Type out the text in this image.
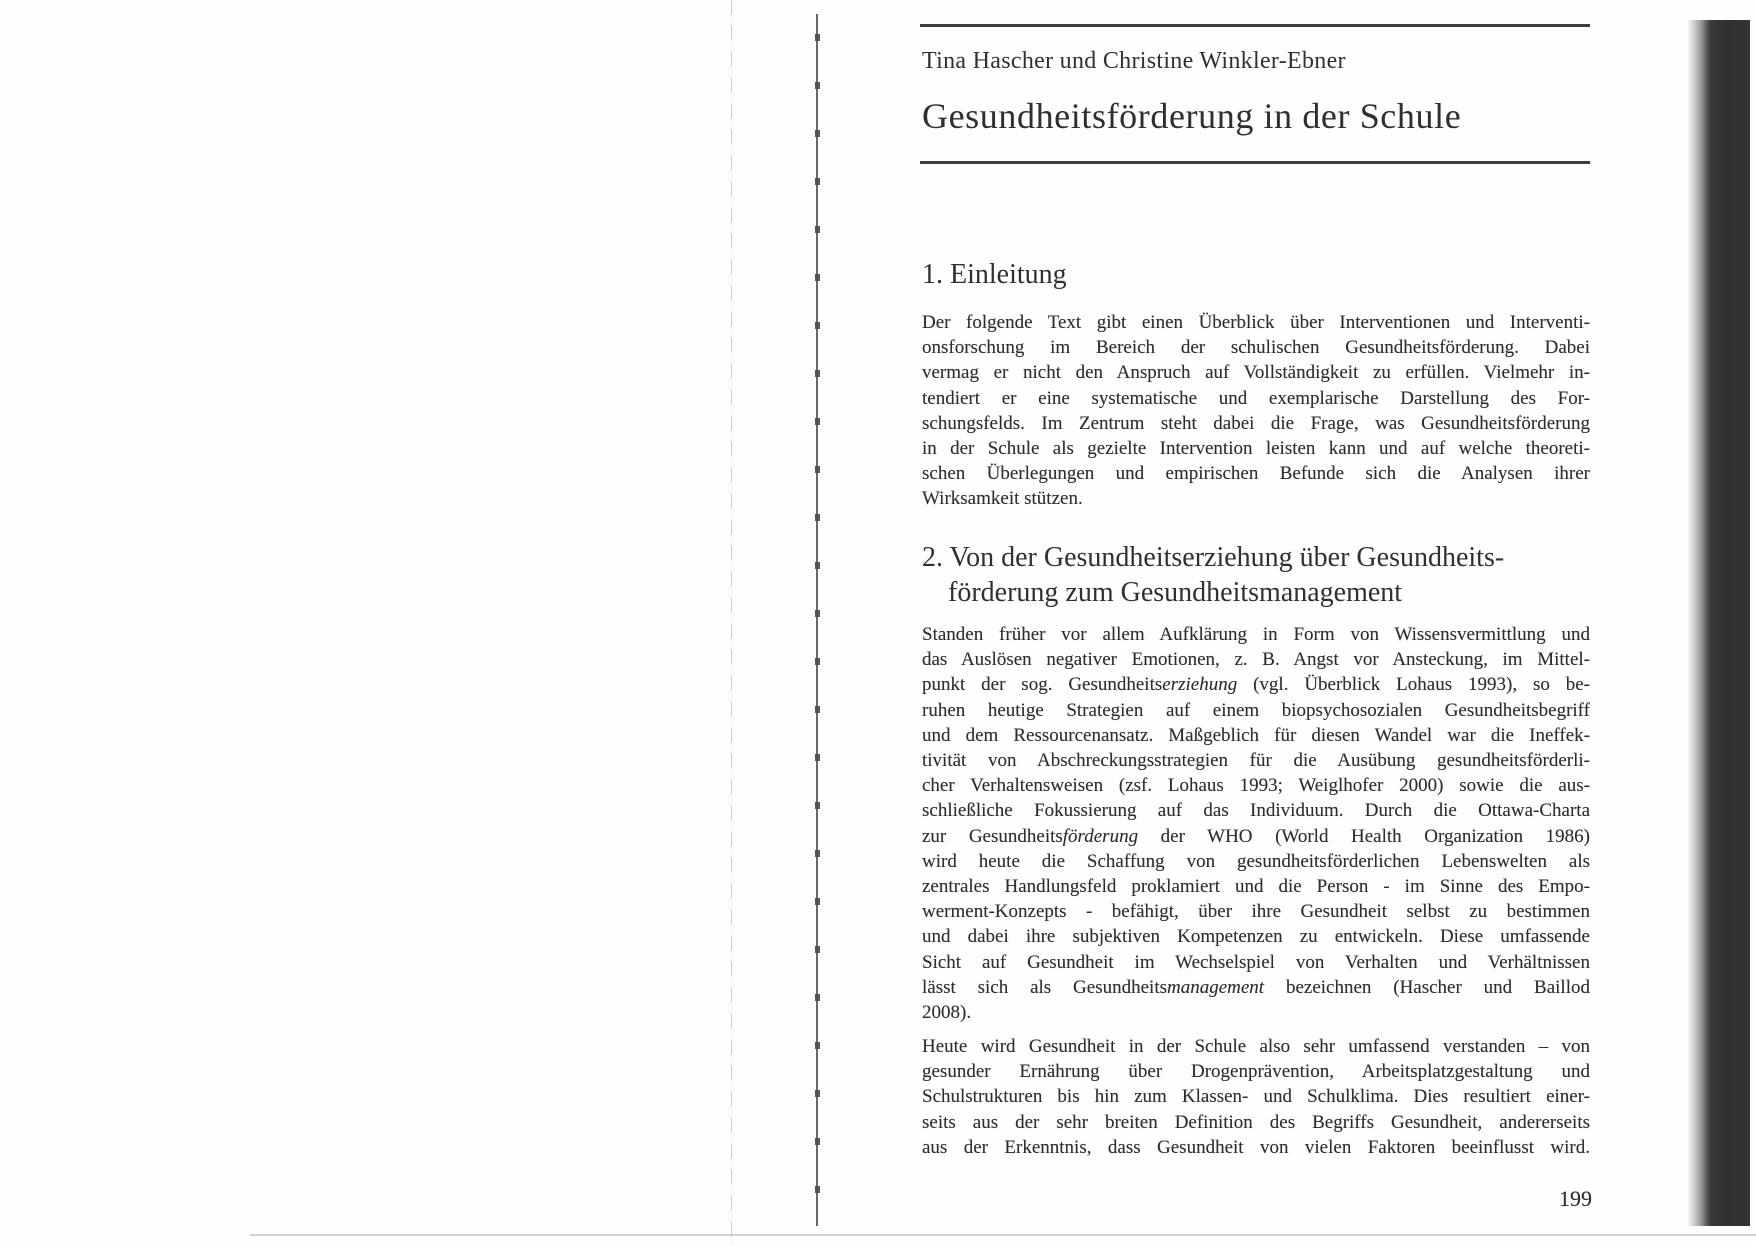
Tina Hascher und Christine Winkler-Ebner
Gesundheitsförderung in der Schule
1. Einleitung
Der folgende Text gibt einen Überblick über Interventionen und Interventi-
onsforschung im Bereich der schulischen Gesundheitsförderung. Dabei
vermag er nicht den Anspruch auf Vollständigkeit zu erfüllen. Vielmehr in-
tendiert er eine systematische und exemplarische Darstellung des For-
schungsfelds. Im Zentrum steht dabei die Frage, was Gesundheitsförderung
in der Schule als gezielte Intervention leisten kann und auf welche theoreti-
schen Überlegungen und empirischen Befunde sich die Analysen ihrer
Wirksamkeit stützen.
2. Von der Gesundheitserziehung über Gesundheits-
förderung zum Gesundheitsmanagement
Standen früher vor allem Aufklärung in Form von Wissensvermittlung und
das Auslösen negativer Emotionen, z. B. Angst vor Ansteckung, im Mittel-
punkt der sog. Gesundheitserziehung (vgl. Überblick Lohaus 1993), so be-
ruhen heutige Strategien auf einem biopsychosozialen Gesundheitsbegriff
und dem Ressourcenansatz. Maßgeblich für diesen Wandel war die Ineffek-
tivität von Abschreckungsstrategien für die Ausübung gesundheitsförderli-
cher Verhaltensweisen (zsf. Lohaus 1993; Weiglhofer 2000) sowie die aus-
schließliche Fokussierung auf das Individuum. Durch die Ottawa-Charta
zur Gesundheitsförderung der WHO (World Health Organization 1986)
wird heute die Schaffung von gesundheitsförderlichen Lebenswelten als
zentrales Handlungsfeld proklamiert und die Person - im Sinne des Empo-
werment-Konzepts - befähigt, über ihre Gesundheit selbst zu bestimmen
und dabei ihre subjektiven Kompetenzen zu entwickeln. Diese umfassende
Sicht auf Gesundheit im Wechselspiel von Verhalten und Verhältnissen
lässt sich als Gesundheitsmanagement bezeichnen (Hascher und Baillod
2008).
Heute wird Gesundheit in der Schule also sehr umfassend verstanden – von
gesunder Ernährung über Drogenprävention, Arbeitsplatzgestaltung und
Schulstrukturen bis hin zum Klassen- und Schulklima. Dies resultiert einer-
seits aus der sehr breiten Definition des Begriffs Gesundheit, andererseits
aus der Erkenntnis, dass Gesundheit von vielen Faktoren beeinflusst wird.
199
